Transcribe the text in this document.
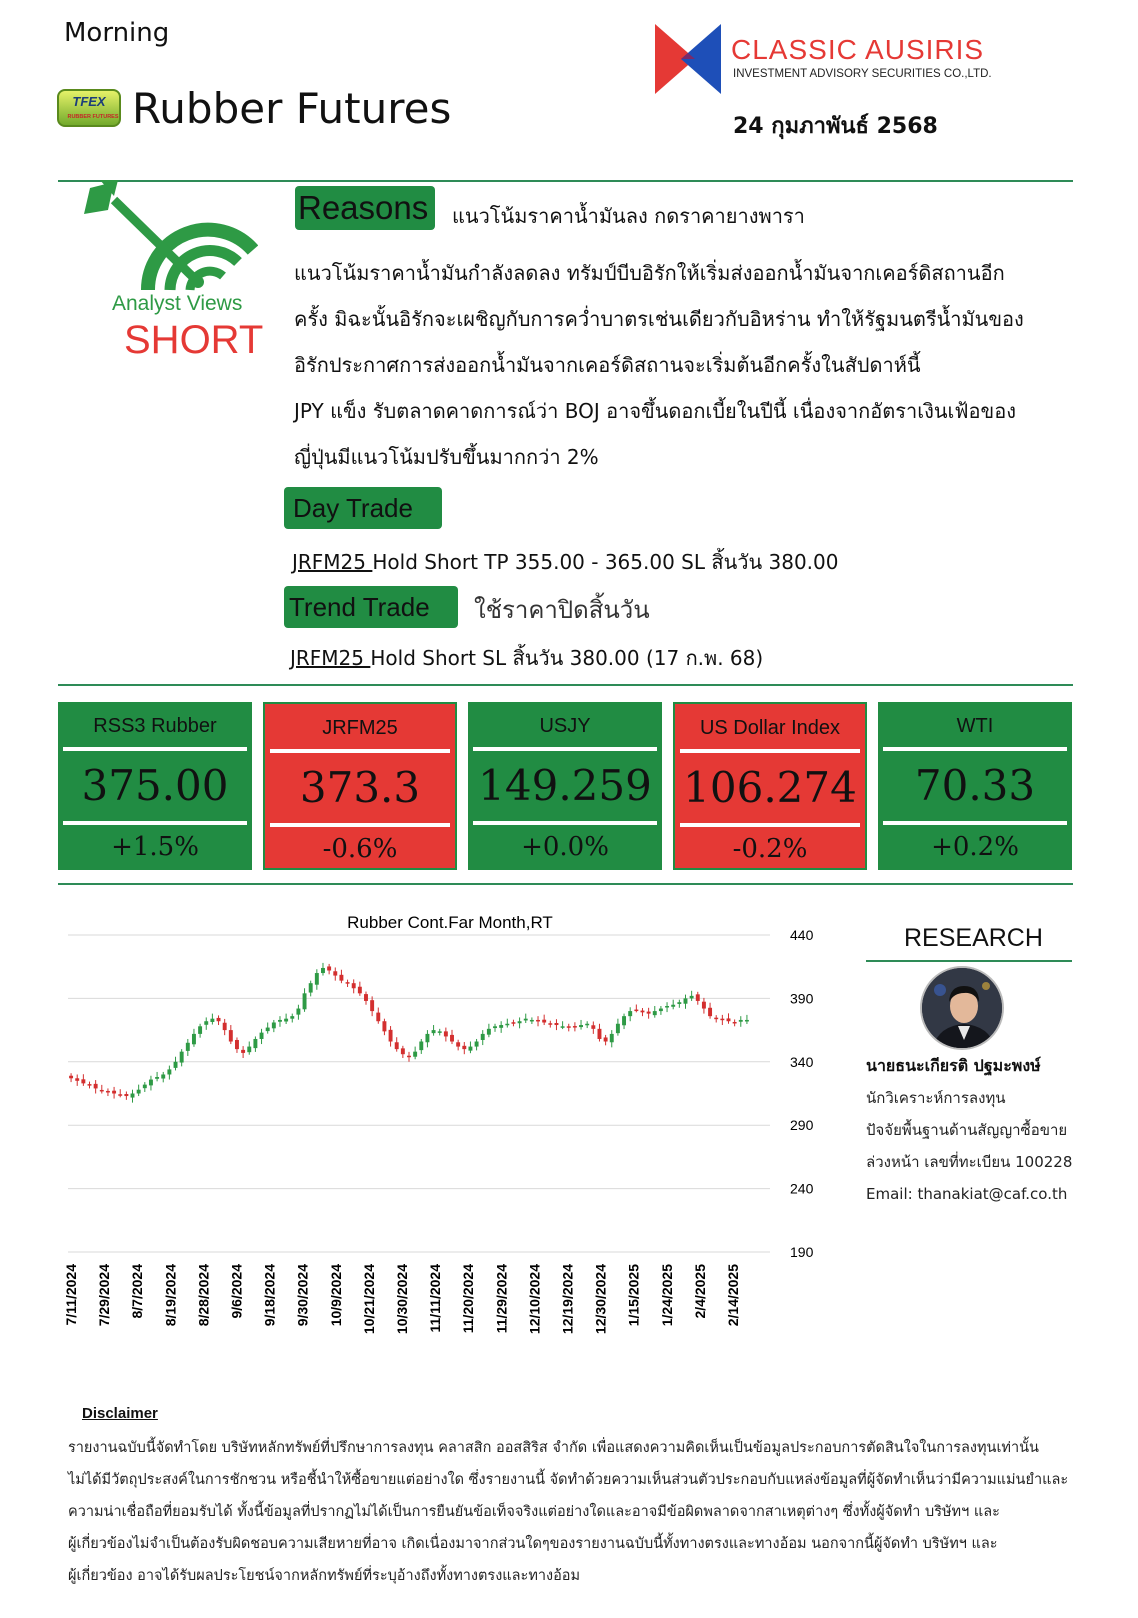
Morning
TFEX
RUBBER FUTURES Rubber Futures
CLASSIC AUSIRIS
INVESTMENT ADVISORY SECURITIES CO.,LTD.
24 กุมภาพันธ์ 2568
Analyst Views
SHORT
Reasons	แนวโน้มราคาน้ำมันลง กดราคายางพารา

แนวโน้มราคาน้ำมันกำลังลดลง ทรัมป์บีบอิรักให้เริ่มส่งออกน้ำมันจากเคอร์ดิสถานอีก

ครั้ง มิฉะนั้นอิรักจะเผชิญกับการคว่ำบาตรเช่นเดียวกับอิหร่าน ทำให้รัฐมนตรีน้ำมันของ

อิรักประกาศการส่งออกน้ำมันจากเคอร์ดิสถานจะเริ่มต้นอีกครั้งในสัปดาห์นี้

JPY แข็ง รับตลาดคาดการณ์ว่า BOJ อาจขึ้นดอกเบี้ยในปีนี้ เนื่องจากอัตราเงินเฟ้อของ

ญี่ปุ่นมีแนวโน้มปรับขึ้นมากกว่า 2%

Day Trade
JRFM25 Hold Short TP 355.00 - 365.00 SL สิ้นวัน 380.00
Trend Trade	ใช้ราคาปิดสิ้นวัน
JRFM25 Hold Short SL สิ้นวัน 380.00 (17 ก.พ. 68)
RSS3 Rubber
375.00
+1.5%
JRFM25
373.3
-0.6%
USJY
149.259
+0.0%
US Dollar Index
106.274
-0.2%
WTI
70.33
+0.2%
Rubber Cont.Far Month,RT
440
390
340
290
240
190
7/11/2024 7/29/2024 8/7/2024 8/19/2024 8/28/2024 9/6/2024 9/18/2024 9/30/2024 10/9/2024 10/21/2024 10/30/2024 11/11/2024 11/20/2024 11/29/2024 12/10/2024 12/19/2024 12/30/2024 1/15/2025 1/24/2025 2/4/2025 2/14/2025
RESEARCH
นายธนะเกียรติ ปฐมะพงษ์
นักวิเคราะห์การลงทุน
ปัจจัยพื้นฐานด้านสัญญาซื้อขาย
ล่วงหน้า เลขที่ทะเบียน 100228
Email: thanakiat@caf.co.th
Disclaimer

รายงานฉบับนี้จัดทำโดย บริษัทหลักทรัพย์ที่ปรึกษาการลงทุน คลาสสิก ออสสิริส จำกัด เพื่อแสดงความคิดเห็นเป็นข้อมูลประกอบการตัดสินใจในการลงทุนเท่านั้น

ไม่ได้มีวัตถุประสงค์ในการชักชวน หรือชี้นำให้ซื้อขายแต่อย่างใด ซึ่งรายงานนี้ จัดทำด้วยความเห็นส่วนตัวประกอบกับแหล่งข้อมูลที่ผู้จัดทำเห็นว่ามีความแม่นยำและ

ความน่าเชื่อถือที่ยอมรับได้ ทั้งนี้ข้อมูลที่ปรากฏไม่ได้เป็นการยืนยันข้อเท็จจริงแต่อย่างใดและอาจมีข้อผิดพลาดจากสาเหตุต่างๆ ซึ่งทั้งผู้จัดทำ บริษัทฯ และ

ผู้เกี่ยวข้องไม่จำเป็นต้องรับผิดชอบความเสียหายที่อาจ เกิดเนื่องมาจากส่วนใดๆของรายงานฉบับนี้ทั้งทางตรงและทางอ้อม นอกจากนี้ผู้จัดทำ บริษัทฯ และ

ผู้เกี่ยวข้อง อาจได้รับผลประโยชน์จากหลักทรัพย์ที่ระบุอ้างถึงทั้งทางตรงและทางอ้อม
